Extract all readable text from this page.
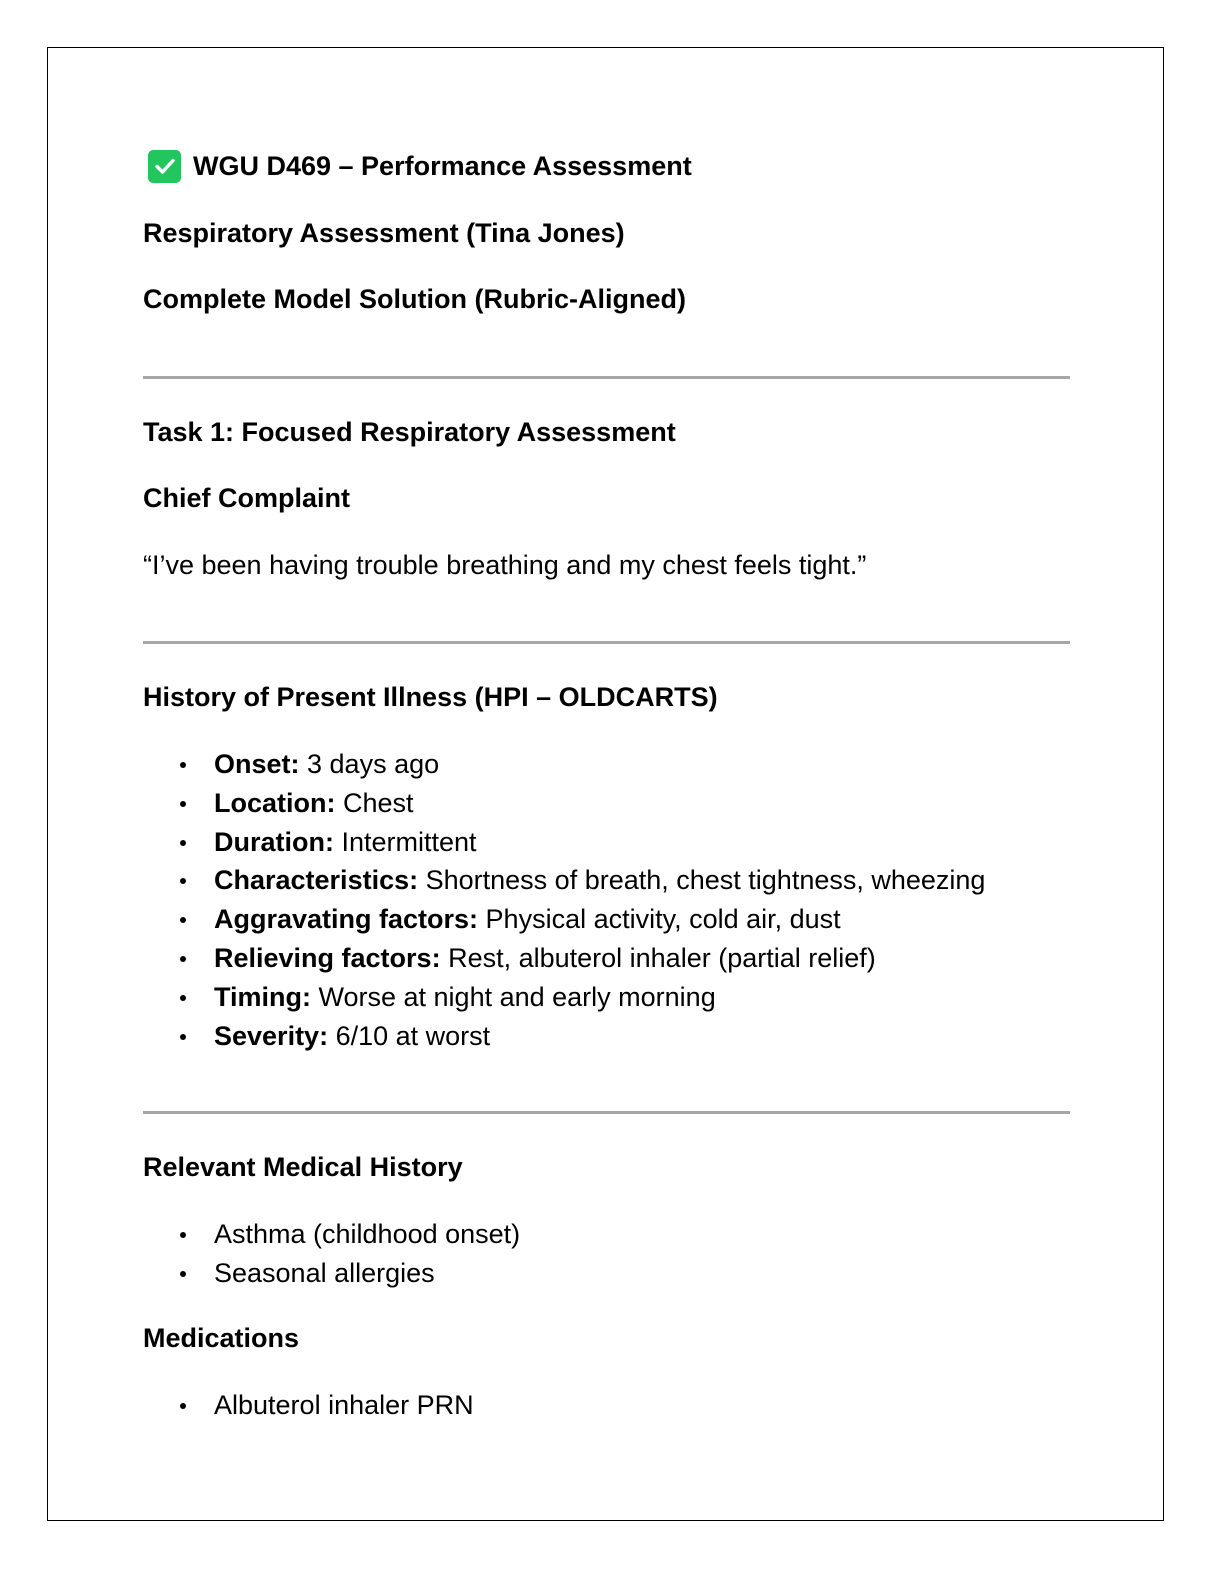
WGU D469 – Performance Assessment
Respiratory Assessment (Tina Jones)
Complete Model Solution (Rubric-Aligned)
Task 1: Focused Respiratory Assessment
Chief Complaint
“I’ve been having trouble breathing and my chest feels tight.”
History of Present Illness (HPI – OLDCARTS)
Onset: 3 days ago
Location: Chest
Duration: Intermittent
Characteristics: Shortness of breath, chest tightness, wheezing
Aggravating factors: Physical activity, cold air, dust
Relieving factors: Rest, albuterol inhaler (partial relief)
Timing: Worse at night and early morning
Severity: 6/10 at worst
Relevant Medical History
Asthma (childhood onset)
Seasonal allergies
Medications
Albuterol inhaler PRN
